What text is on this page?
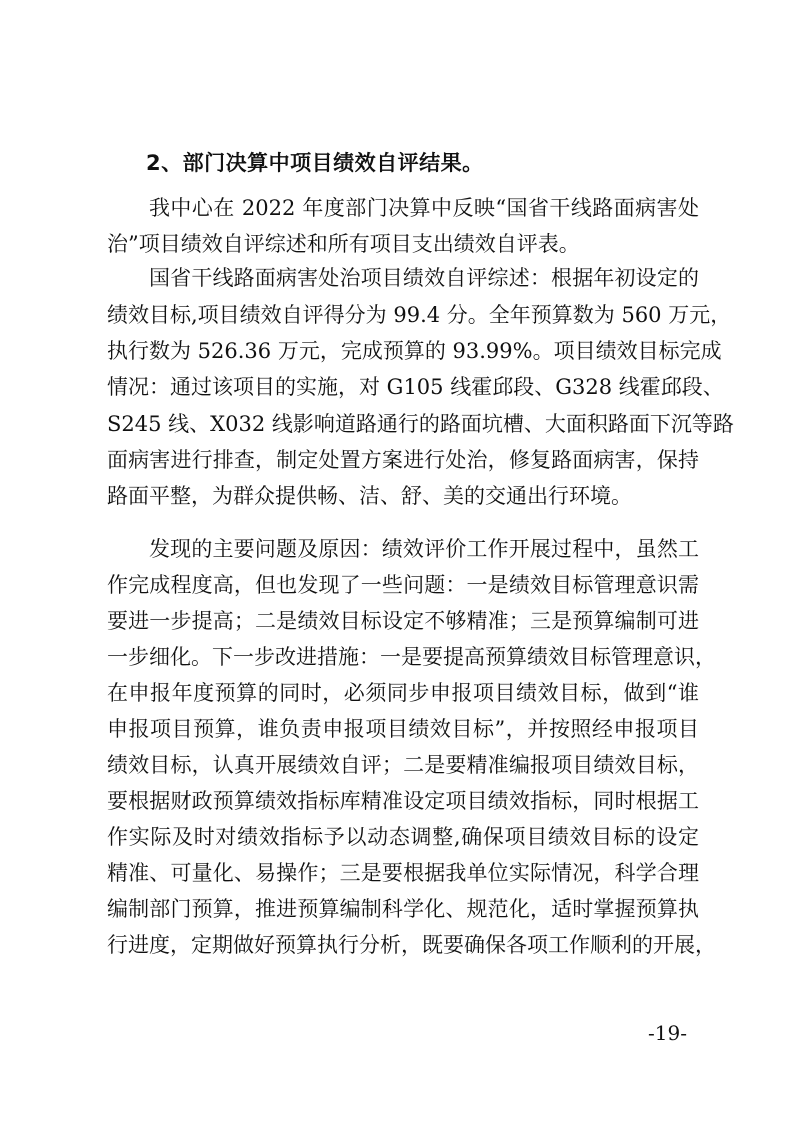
2、部门决算中项目绩效自评结果。
我中心在 2022 年度部门决算中反映“国省干线路面病害处
治”项目绩效自评综述和所有项目支出绩效自评表。
国省干线路面病害处治项目绩效自评综述：根据年初设定的
绩效目标,项目绩效自评得分为 99.4 分。全年预算数为 560 万元，
执行数为 526.36 万元，完成预算的 93.99%。项目绩效目标完成
情况：通过该项目的实施，对 G105 线霍邱段、G328 线霍邱段、
S245 线、X032 线影响道路通行的路面坑槽、大面积路面下沉等路
面病害进行排查，制定处置方案进行处治，修复路面病害，保持
路面平整，为群众提供畅、洁、舒、美的交通出行环境。
发现的主要问题及原因：绩效评价工作开展过程中，虽然工
作完成程度高，但也发现了一些问题：一是绩效目标管理意识需
要进一步提高；二是绩效目标设定不够精准；三是预算编制可进
一步细化。下一步改进措施：一是要提高预算绩效目标管理意识，
在申报年度预算的同时，必须同步申报项目绩效目标，做到“谁
申报项目预算，谁负责申报项目绩效目标”，并按照经申报项目
绩效目标，认真开展绩效自评；二是要精准编报项目绩效目标，
要根据财政预算绩效指标库精准设定项目绩效指标，同时根据工
作实际及时对绩效指标予以动态调整,确保项目绩效目标的设定
精准、可量化、易操作；三是要根据我单位实际情况，科学合理
编制部门预算，推进预算编制科学化、规范化，适时掌握预算执
行进度，定期做好预算执行分析，既要确保各项工作顺利的开展，
-19-
